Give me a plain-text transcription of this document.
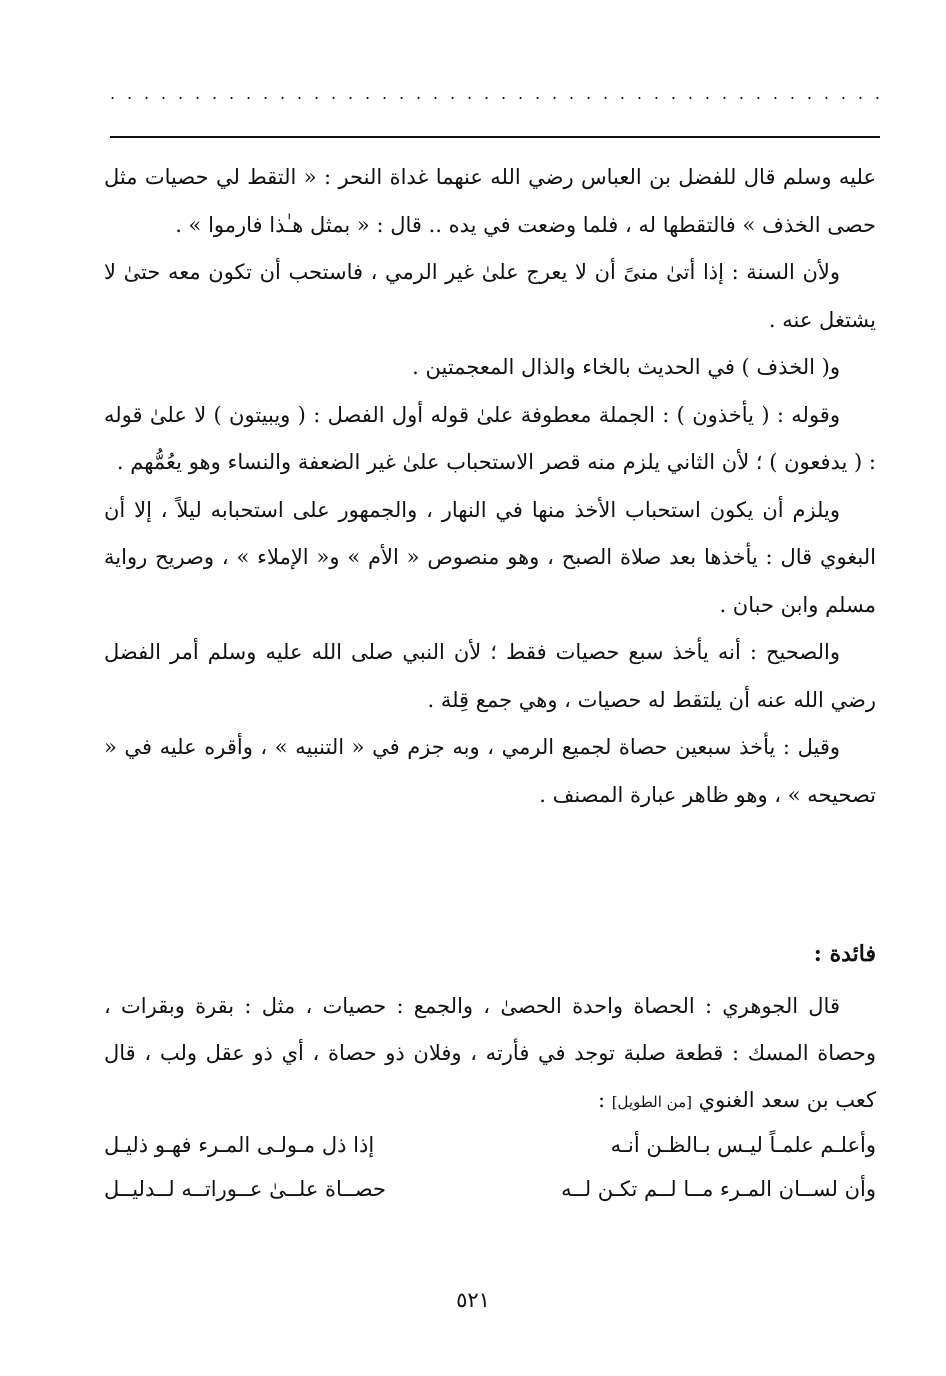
. . . . . . . . . . . . . . . . . . . . . . . . . . . . . . . . . . . . . . . . . . . . . .

عليه وسلم قال للفضل بن العباس رضي الله عنهما غداة النحر : « التقط لي حصيات مثل حصى الخذف » فالتقطها له ، فلما وضعت في يده .. قال : « بمثل هـٰذا فارموا » .

ولأن السنة : إذا أتىٰ منىً أن لا يعرج علىٰ غير الرمي ، فاستحب أن تكون معه حتىٰ لا يشتغل عنه .

و( الخذف ) في الحديث بالخاء والذال المعجمتين .

وقوله : ( يأخذون ) : الجملة معطوفة علىٰ قوله أول الفصل : ( ويبيتون ) لا علىٰ قوله : ( يدفعون ) ؛ لأن الثاني يلزم منه قصر الاستحباب علىٰ غير الضعفة والنساء وهو يعُمُّهم .

ويلزم أن يكون استحباب الأخذ منها في النهار ، والجمهور على استحبابه ليلاً ، إلا أن البغوي قال : يأخذها بعد صلاة الصبح ، وهو منصوص « الأم » و« الإملاء » ، وصريح رواية مسلم وابن حبان .

والصحيح : أنه يأخذ سبع حصيات فقط ؛ لأن النبي صلى الله عليه وسلم أمر الفضل رضي الله عنه أن يلتقط له حصيات ، وهي جمع قِلة .

وقيل : يأخذ سبعين حصاة لجميع الرمي ، وبه جزم في « التنبيه » ، وأقره عليه في « تصحيحه » ، وهو ظاهر عبارة المصنف .

فائدة :

قال الجوهري : الحصاة واحدة الحصىٰ ، والجمع : حصيات ، مثل : بقرة وبقرات ، وحصاة المسك : قطعة صلبة توجد في فأرته ، وفلان ذو حصاة ، أي ذو عقل ولب ، قال كعب بن سعد الغنوي [من الطويل] :

وأعلـم علمـاً ليـس بـالظـن أنـه
إذا ذل مـولـى المـرء فهـو ذليـل
وأن لســان المـرء مــا لــم تكـن لــه
حصــاة علــىٰ عــوراتــه لــدليــل
٥٢١
